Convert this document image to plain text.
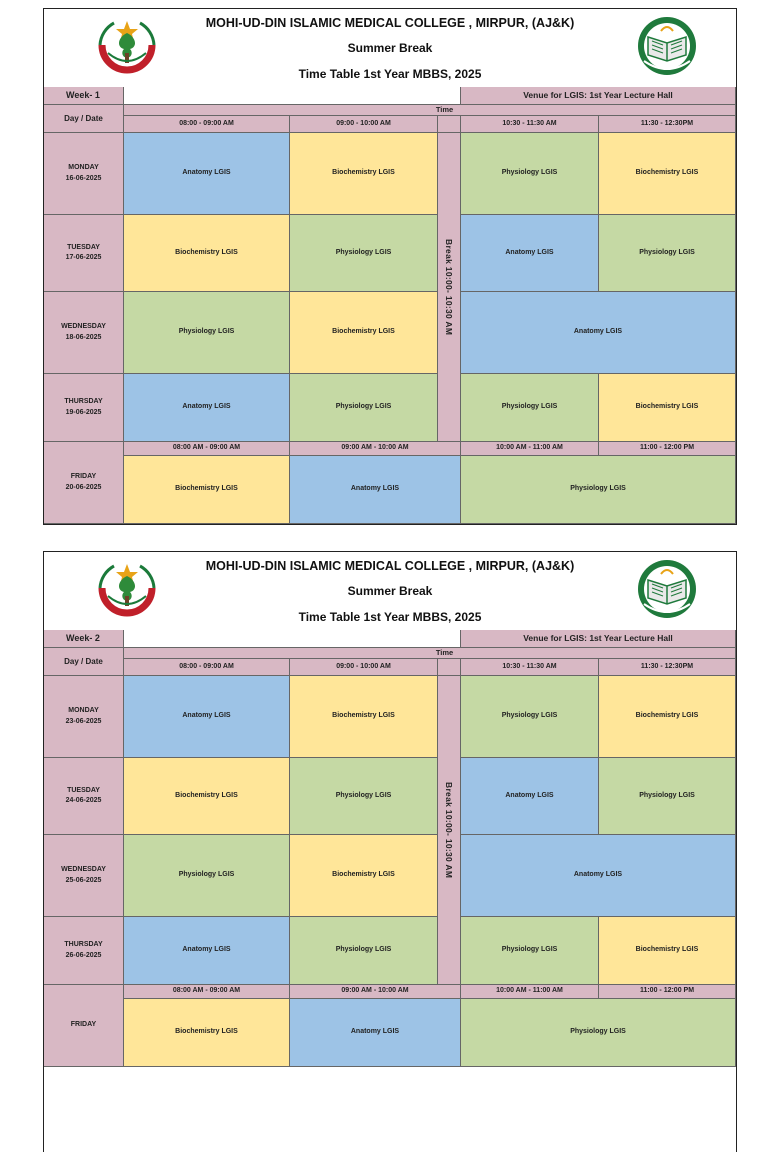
MOHI-UD-DIN ISLAMIC MEDICAL COLLEGE , MIRPUR, (AJ&K)
Summer Break
Time Table 1st Year MBBS, 2025
Week- 1	Venue for LGIS: 1st Year Lecture Hall
Day / Date
Time
08:00 - 09:00 AM	09:00 - 10:00 AM	10:30 - 11:30 AM	11:30 - 12:30PM
MONDAY
16-06-2025
Anatomy LGIS	Biochemistry LGIS	Physiology LGIS	Biochemistry LGIS
TUESDAY
17-06-2025
Biochemistry LGIS	Physiology LGIS	Anatomy LGIS	Physiology LGIS
WEDNESDAY
18-06-2025
Physiology LGIS	Biochemistry LGIS	Anatomy LGIS
THURSDAY
19-06-2025
Anatomy LGIS	Physiology LGIS	Physiology LGIS	Biochemistry LGIS
Break 10:00- 10:30 AM
FRIDAY
20-06-2025
08:00 AM - 09:00 AM	09:00 AM - 10:00 AM	10:00 AM - 11:00 AM	11:00 - 12:00 PM
Biochemistry LGIS	Anatomy LGIS	Physiology LGIS
MOHI-UD-DIN ISLAMIC MEDICAL COLLEGE , MIRPUR, (AJ&K)
Summer Break
Time Table 1st Year MBBS, 2025
Week- 2	Venue for LGIS: 1st Year Lecture Hall
Day / Date
Time
08:00 - 09:00 AM	09:00 - 10:00 AM	10:30 - 11:30 AM	11:30 - 12:30PM
MONDAY
23-06-2025
Anatomy LGIS	Biochemistry LGIS	Physiology LGIS	Biochemistry LGIS
TUESDAY
24-06-2025
Biochemistry LGIS	Physiology LGIS	Anatomy LGIS	Physiology LGIS
WEDNESDAY
25-06-2025
Physiology LGIS	Biochemistry LGIS	Anatomy LGIS
THURSDAY
26-06-2025
Anatomy LGIS	Physiology LGIS	Physiology LGIS	Biochemistry LGIS
Break 10:00- 10:30 AM
FRIDAY
08:00 AM - 09:00 AM	09:00 AM - 10:00 AM	10:00 AM - 11:00 AM	11:00 - 12:00 PM
Biochemistry LGIS	Anatomy LGIS	Physiology LGIS
